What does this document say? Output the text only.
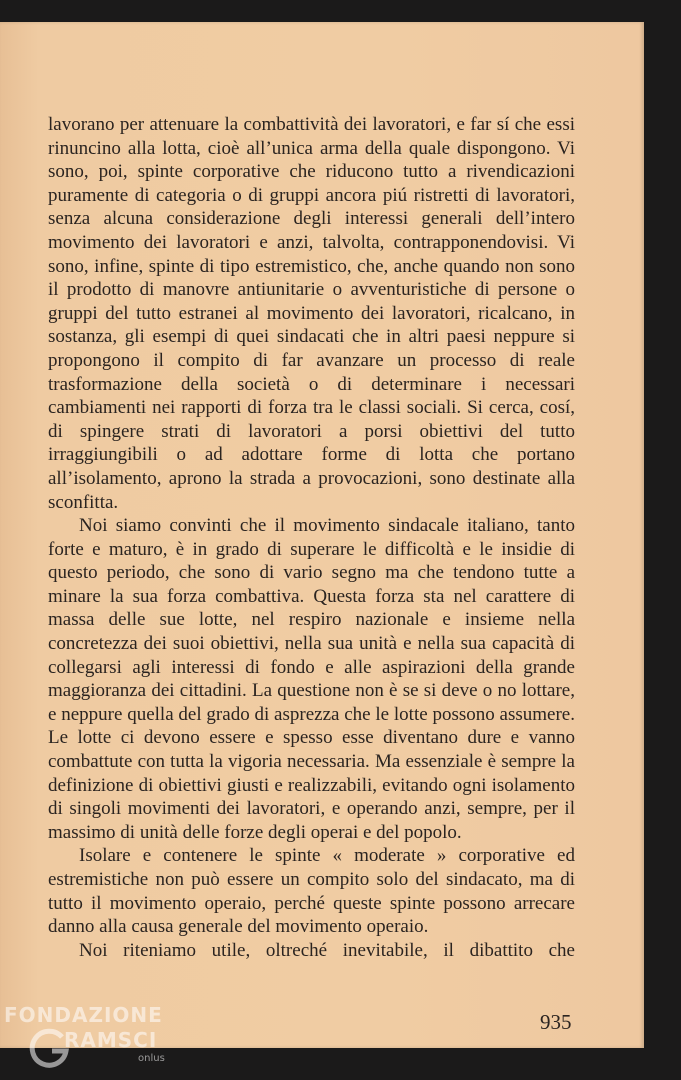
lavorano per attenuare la combattività dei lavoratori, e far sí che essi rinuncino alla lotta, cioè all’unica arma della quale dispongono. Vi sono, poi, spinte corporative che riducono tutto a rivendicazioni puramente di categoria o di gruppi ancora piú ristretti di lavoratori, senza alcuna considerazione degli interessi generali dell’intero movimento dei lavoratori e anzi, talvolta, contrapponendovisi. Vi sono, infine, spinte di tipo estremistico, che, anche quando non sono il prodotto di manovre antiunitarie o avventuristiche di persone o gruppi del tutto estranei al movimento dei lavoratori, ricalcano, in sostanza, gli esempi di quei sindacati che in altri paesi neppure si propongono il compito di far avanzare un processo di reale trasformazione della società o di determinare i necessari cambiamenti nei rapporti di forza tra le classi sociali. Si cerca, cosí, di spingere strati di lavoratori a porsi obiettivi del tutto irraggiungibili o ad adottare forme di lotta che portano all’isolamento, aprono la strada a provocazioni, sono destinate alla sconfitta.

Noi siamo convinti che il movimento sindacale italiano, tanto forte e maturo, è in grado di superare le difficoltà e le insidie di questo periodo, che sono di vario segno ma che tendono tutte a minare la sua forza combattiva. Questa forza sta nel carattere di massa delle sue lotte, nel respiro nazionale e insieme nella concretezza dei suoi obiettivi, nella sua unità e nella sua capacità di collegarsi agli interessi di fondo e alle aspirazioni della grande maggioranza dei cittadini. La questione non è se si deve o no lottare, e neppure quella del grado di asprezza che le lotte possono assumere. Le lotte ci devono essere e spesso esse diventano dure e vanno combattute con tutta la vigoria necessaria. Ma essenziale è sempre la definizione di obiettivi giusti e realizzabili, evitando ogni isolamento di singoli movimenti dei lavoratori, e operando anzi, sempre, per il massimo di unità delle forze degli operai e del popolo.

Isolare e contenere le spinte « moderate » corporative ed estremistiche non può essere un compito solo del sindacato, ma di tutto il movimento operaio, perché queste spinte possono arrecare danno alla causa generale del movimento operaio.

Noi riteniamo utile, oltreché inevitabile, il dibattito che

935
FONDAZIONE
RAMSCI
onlus
